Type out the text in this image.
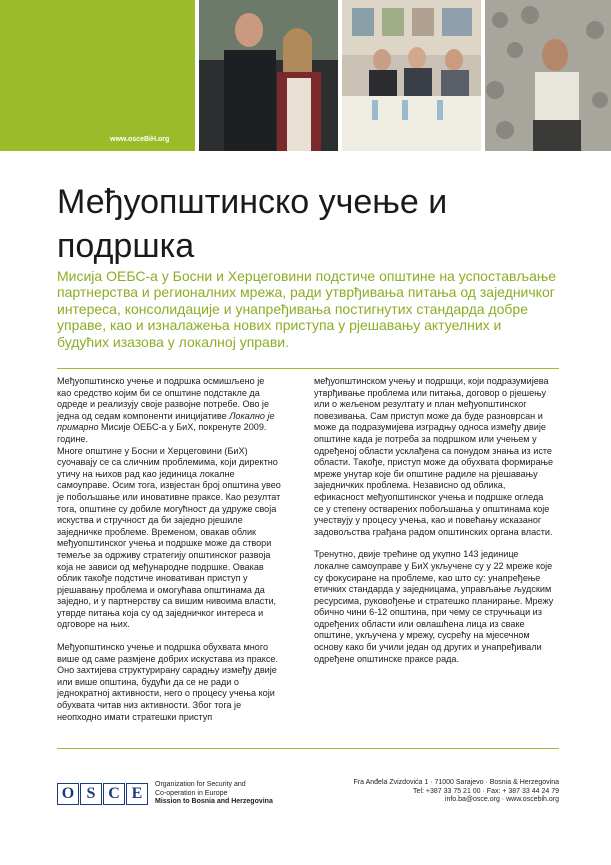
www.osceBiH.org
Међуопштинско учење и подршка

Мисија ОЕБС-а у Босни и Херцеговини подстиче општине на успостављање партнерства и регионалних мрежа, ради утврђивања питања од заједничког интереса, консолидације и унапређивања постигнутих стандарда добре управе, као и изналажења нових приступа у рјешавању актуелних и будућих изазова у локалној управи.

Међуопштинско учење и подршка осмишљено је као средство којим би се општине подстакле да одреде и реализују своје развојне потребе. Ово је једна од седам компоненти иницијативе Локално је примарно Мисије ОЕБС-а у БиХ, покренуте 2009. године.
Многе општине у Босни и Херцеговини (БиХ) суочавају се са сличним проблемима, који директно утичу на њихов рад као јединица локалне самоуправе. Осим тога, извјестан број општина увео је побољшање или иновативне праксе. Као резултат тога, општине су добиле могућност да удруже своја искуства и стручност да би заједно рјешиле заједничке проблеме. Временом, овакав облик међуопштинског учења и подршке може да створи темеље за одрживу стратегију општинског развоја која не зависи од међународне подршке. Овакав облик такође подстиче иновативан приступ у рјешавању проблема и омогућава општинама да заједно, и у партнерству са вишим нивоима власти, утврде питања која су од заједничког интереса и одговоре на њих.

Међуопштинско учење и подршка обухвата много више од саме размјене добрих искустава из праксе. Оно захтијева структурирану сарадњу између двије или више општина, будући да се не ради о једнократној активности, него о процесу учења који обухвата читав низ активности. Због тога је неопходно имати стратешки приступ

међуопштинском учењу и подршци, који подразумијева утврђивање проблема или питања, договор о рјешењу или о жељеном резултату и план међуопштинског повезивања. Сам приступ може да буде разноврсан и може да подразумијева изградњу односа између двије општине када је потреба за подршком или учењем у одређеној области усклађена са понудом знања из исте области. Такође, приступ може да обухвата формирање мреже унутар које би општине радиле на рјешавању заједничких проблема. Независно од облика, ефикасност међуопштинског учења и подршке огледа се у степену остварених побољшања у општинама које учествују у процесу учења, као и повећању исказаног задовољства грађана радом општинских органа власти.

Тренутно, двије трећине од укупно 143 јединице локалне самоуправе у БиХ укључене су у 22 мреже које су фокусиране на проблеме, као што су: унапређење етичких стандарда у заједницама, управљање људским ресурсима, руковођење и стратешко планирање. Мрежу обично чини 6-12 општина, при чему се стручњаци из одређених области или овлашћена лица из сваке општине, укључена у мрежу, сусрећу на мјесечном основу како би учили један од других и унапређивали одређене општинске праксе рада.

O S C E
Organization for Security and
Co-operation in Europe
Mission to Bosnia and Herzegovina
Fra Anđela Zvizdovića 1 · 71000 Sarajevo · Bosnia & Herzegovina
Tel: +387 33 75 21 00 · Fax: + 387 33 44 24 79
info.ba@osce.org · www.oscebih.org
